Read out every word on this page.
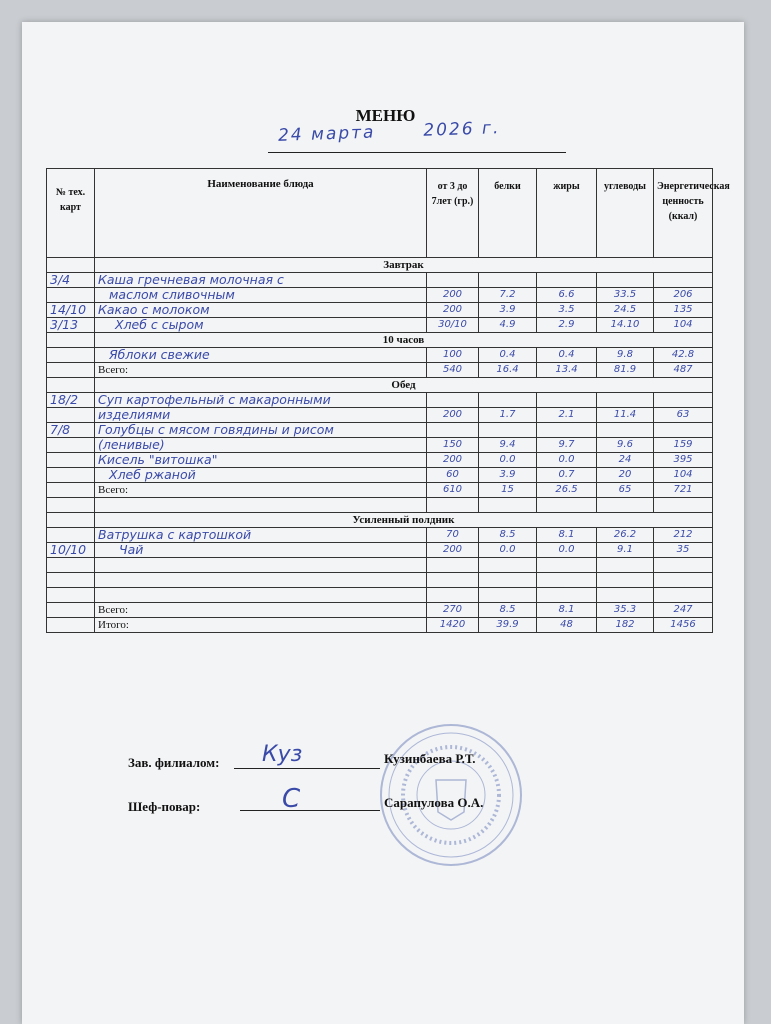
МЕНЮ
24 марта	2026 г.
№ тех. карт	Наименование блюда	от 3 до 7лет (гр.)	белки	жиры	углеводы	Энергетическая ценность (ккал)
	Завтрак					
3/4	Каша гречневая молочная с					
	маслом сливочным	200	7.2	6.6	33.5	206
14/10	Какао с молоком	200	3.9	3.5	24.5	135
3/13	Хлеб с сыром	30/10	4.9	2.9	14.10	104
	10 часов					
	Яблоки свежие	100	0.4	0.4	9.8	42.8
	Всего:	540	16.4	13.4	81.9	487
	Обед					
18/2	Суп картофельный с макаронными					
	изделиями	200	1.7	2.1	11.4	63
7/8	Голубцы с мясом говядины и рисом					
	(ленивые)	150	9.4	9.7	9.6	159
	Кисель "витошка"	200	0.0	0.0	24	395
	Хлеб ржаной	60	3.9	0.7	20	104
	Всего:	610	15	26.5	65	721

	Усиленный полдник					
	Ватрушка с картошкой	70	8.5	8.1	26.2	212
10/10	Чай	200	0.0	0.0	9.1	35

	Всего:	270	8.5	8.1	35.3	247
	Итого:	1420	39.9	48	182	1456
Зав. филиалом: Куз	Кузинбаева Р.Т.
Шеф-повар:	С	Сарапулова О.А.
